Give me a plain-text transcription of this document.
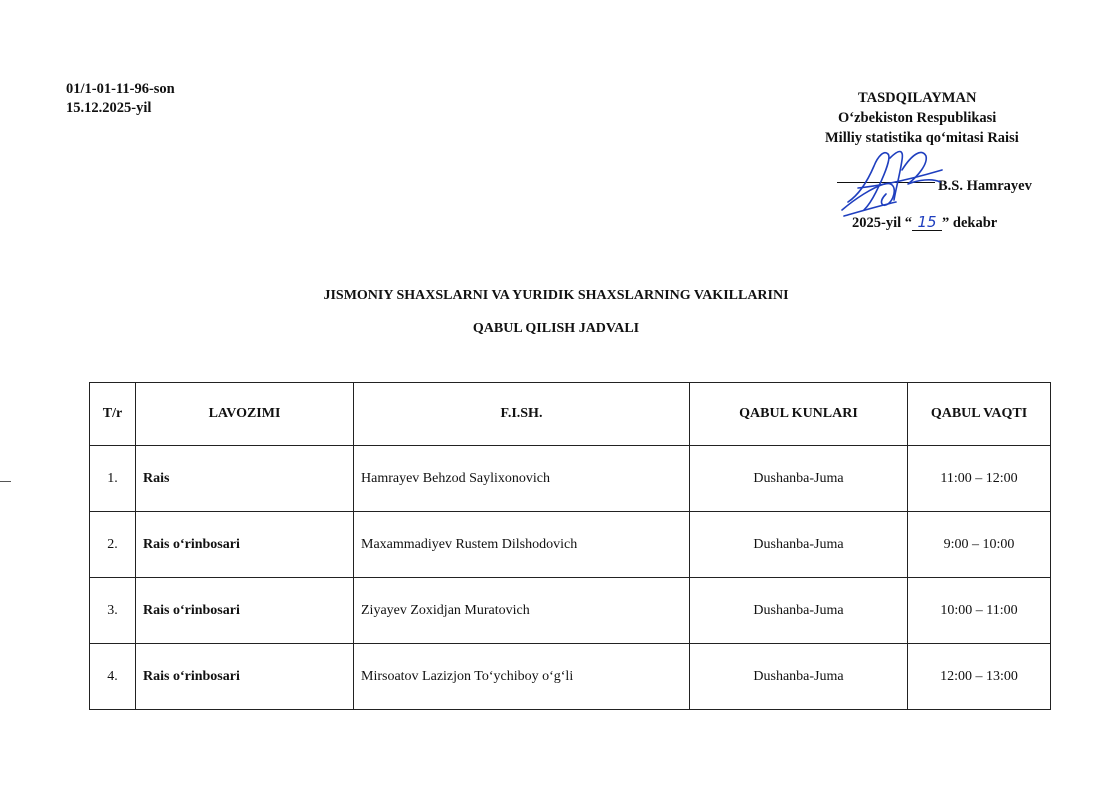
01/1-01-11-96-son
15.12.2025-yil
TASDQILAYMAN
O‘zbekiston Respublikasi
Milliy statistika qo‘mitasi Raisi
B.S. Hamrayev
2025-yil “ 15 ” dekabr
JISMONIY SHAXSLARNI VA YURIDIK SHAXSLARNING VAKILLARINI
QABUL QILISH JADVALI
T/r	LAVOZIMI	F.I.SH.	QABUL KUNLARI	QABUL VAQTI
1.	Rais	Hamrayev Behzod Saylixonovich	Dushanba-Juma	11:00 – 12:00
2.	Rais o‘rinbosari	Maxammadiyev Rustem Dilshodovich	Dushanba-Juma	9:00 – 10:00
3.	Rais o‘rinbosari	Ziyayev Zoxidjan Muratovich	Dushanba-Juma	10:00 – 11:00
4.	Rais o‘rinbosari	Mirsoatov Lazizjon To‘ychiboy o‘g‘li	Dushanba-Juma	12:00 – 13:00
